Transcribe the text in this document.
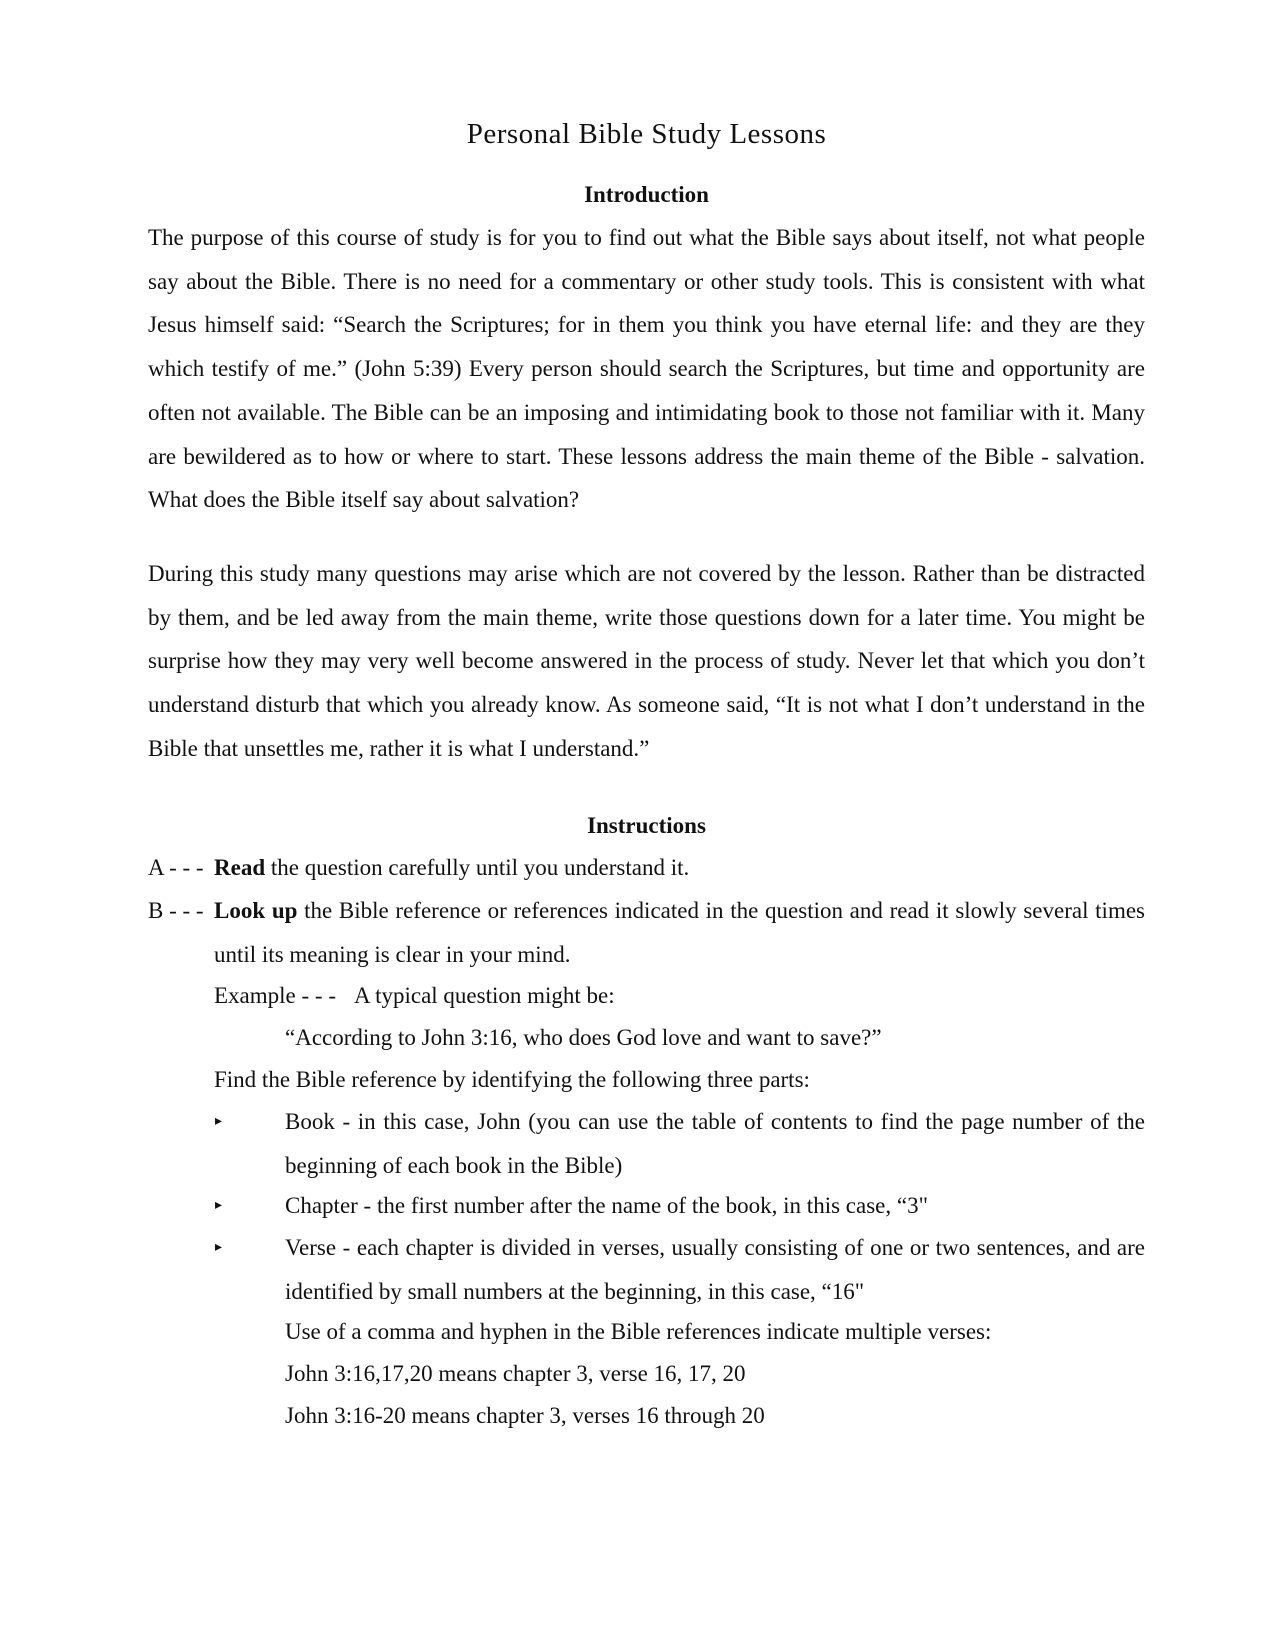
Personal Bible Study Lessons
Introduction

The purpose of this course of study is for you to find out what the Bible says about itself, not what people say about the Bible. There is no need for a commentary or other study tools. This is consistent with what Jesus himself said: “Search the Scriptures; for in them you think you have eternal life: and they are they which testify of me.” (John 5:39) Every person should search the Scriptures, but time and opportunity are often not available. The Bible can be an imposing and intimidating book to those not familiar with it. Many are bewildered as to how or where to start. These lessons address the main theme of the Bible - salvation. What does the Bible itself say about salvation?

During this study many questions may arise which are not covered by the lesson. Rather than be distracted by them, and be led away from the main theme, write those questions down for a later time. You might be surprise how they may very well become answered in the process of study. Never let that which you don’t understand disturb that which you already know. As someone said, “It is not what I don’t understand in the Bible that unsettles me, rather it is what I understand.”

Instructions
A - - - Read the question carefully until you understand it.

B - - - Look up the Bible reference or references indicated in the question and read it slowly several times until its meaning is clear in your mind.

Example - - - A typical question might be:

“According to John 3:16, who does God love and want to save?”

Find the Bible reference by identifying the following three parts:

▸	Book - in this case, John (you can use the table of contents to find the page number of the beginning of each book in the Bible)

▸	Chapter - the first number after the name of the book, in this case, “3"

▸	Verse - each chapter is divided in verses, usually consisting of one or two sentences, and are identified by small numbers at the beginning, in this case, “16"

Use of a comma and hyphen in the Bible references indicate multiple verses:

John 3:16,17,20 means chapter 3, verse 16, 17, 20

John 3:16-20 means chapter 3, verses 16 through 20
